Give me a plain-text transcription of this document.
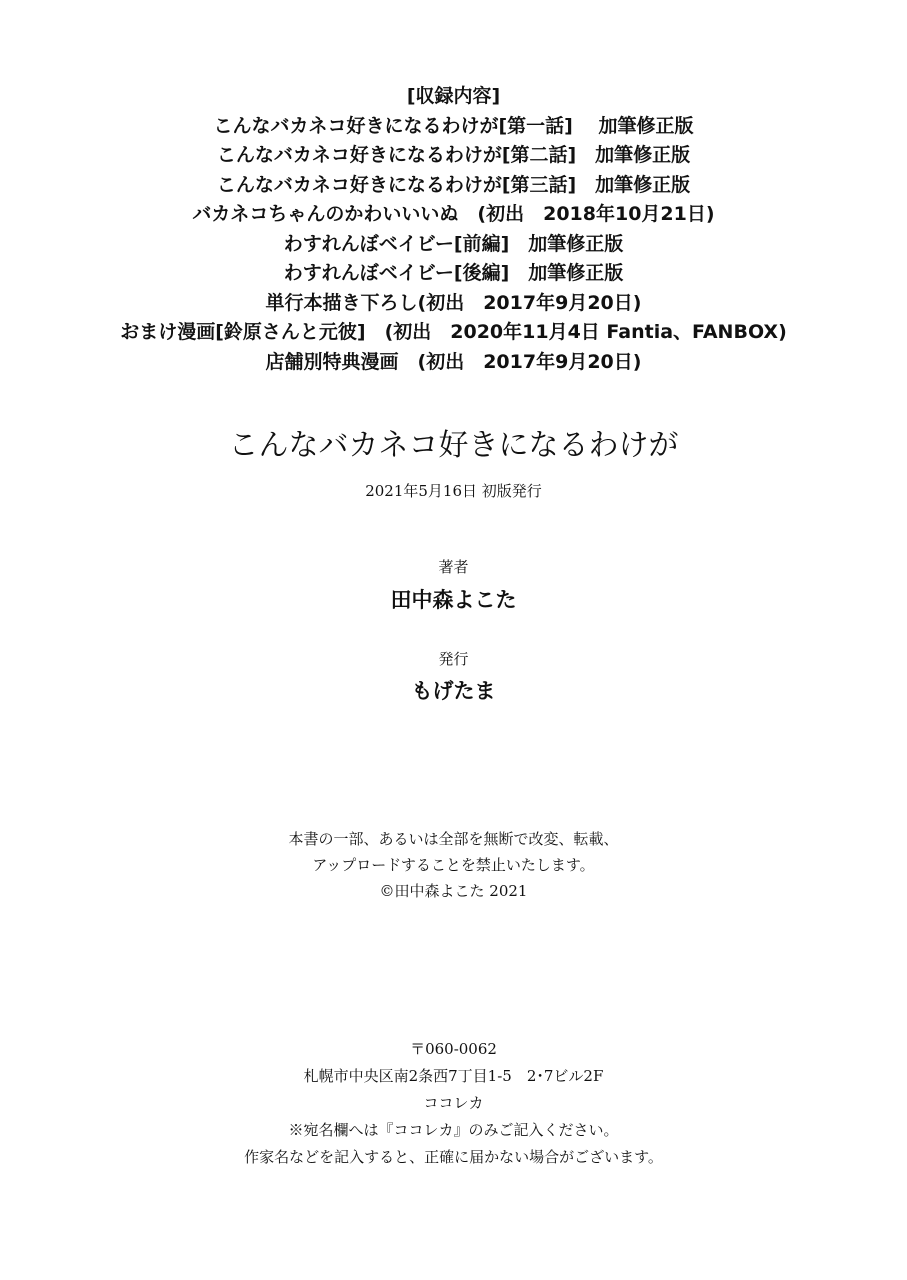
[収録内容]
こんなバカネコ好きになるわけが[第一話]　 加筆修正版
こんなバカネコ好きになるわけが[第二話]　加筆修正版
こんなバカネコ好きになるわけが[第三話]　加筆修正版
バカネコちゃんのかわいいいぬ　(初出　2018年10月21日)
わすれんぼベイビー[前編]　加筆修正版
わすれんぼベイビー[後編]　加筆修正版
単行本描き下ろし(初出　2017年9月20日)
おまけ漫画[鈴原さんと元彼]　(初出　2020年11月4日 Fantia、FANBOX)
店舗別特典漫画　(初出　2017年9月20日)
こんなバカネコ好きになるわけが
2021年5月16日 初版発行
著者
田中森よこた
発行
もげたま
本書の一部、あるいは全部を無断で改変、転載、
アップロードすることを禁止いたします。
©田中森よこた 2021
〒060-0062
札幌市中央区南2条西7丁目1-5　2･7ビル2F
ココレカ
※宛名欄へは『ココレカ』のみご記入ください。
作家名などを記入すると、正確に届かない場合がございます。
